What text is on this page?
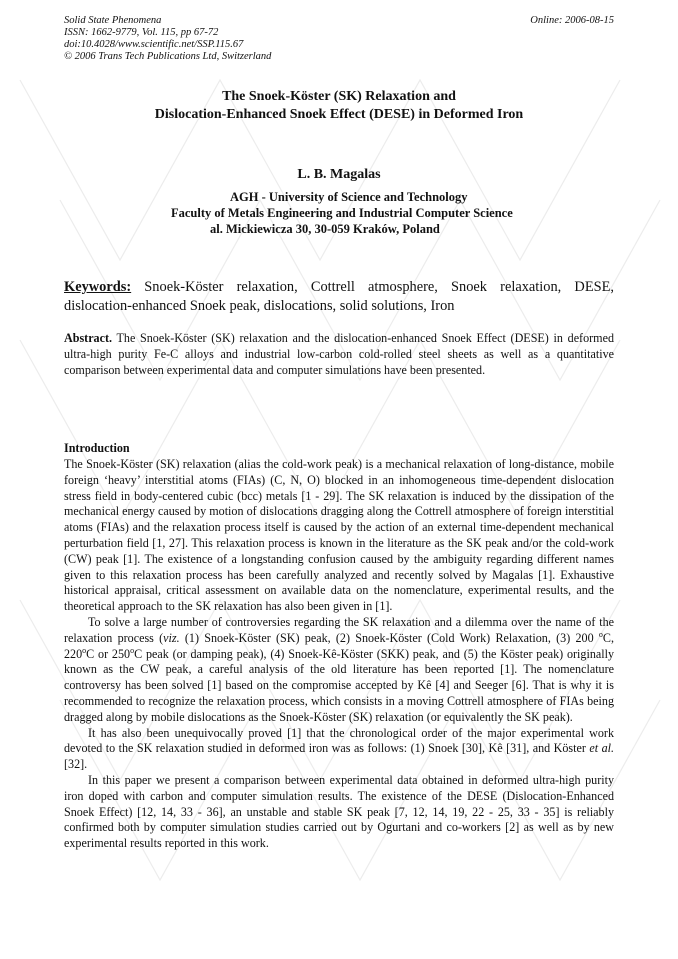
Solid State Phenomena
ISSN: 1662-9779, Vol. 115, pp 67-72
doi:10.4028/www.scientific.net/SSP.115.67
© 2006 Trans Tech Publications Ltd, Switzerland
Online: 2006-08-15
The Snoek-Köster (SK) Relaxation and
Dislocation-Enhanced Snoek Effect (DESE) in Deformed Iron
L. B. Magalas
AGH - University of Science and Technology
Faculty of Metals Engineering and Industrial Computer Science
al. Mickiewicza 30, 30-059 Kraków, Poland
Keywords: Snoek-Köster relaxation, Cottrell atmosphere, Snoek relaxation, DESE, dislocation-enhanced Snoek peak, dislocations, solid solutions, Iron
Abstract. The Snoek-Köster (SK) relaxation and the dislocation-enhanced Snoek Effect (DESE) in deformed ultra-high purity Fe-C alloys and industrial low-carbon cold-rolled steel sheets as well as a quantitative comparison between experimental data and computer simulations have been presented.
Introduction

The Snoek-Köster (SK) relaxation (alias the cold-work peak) is a mechanical relaxation of long-distance, mobile foreign ‘heavy’ interstitial atoms (FIAs) (C, N, O) blocked in an inhomogeneous time-dependent dislocation stress field in body-centered cubic (bcc) metals [1 - 29]. The SK relaxation is induced by the dissipation of the mechanical energy caused by motion of dislocations dragging along the Cottrell atmosphere of foreign interstitial atoms (FIAs) and the relaxation process itself is caused by the action of an external time-dependent mechanical perturbation field [1, 27]. This relaxation process is known in the literature as the SK peak and/or the cold-work (CW) peak [1]. The existence of a longstanding confusion caused by the ambiguity regarding different names given to this relaxation process has been carefully analyzed and recently solved by Magalas [1]. Exhaustive historical appraisal, critical assessment on available data on the nomenclature, experimental results, and the theoretical approach to the SK relaxation has also been given in [1].

To solve a large number of controversies regarding the SK relaxation and a dilemma over the name of the relaxation process (viz. (1) Snoek-Köster (SK) peak, (2) Snoek-Köster (Cold Work) Relaxation, (3) 200 $^o$C, 220$^o$C or 250$^o$C peak (or damping peak), (4) Snoek-Kê-Köster (SKK) peak, and (5) the Köster peak) originally known as the CW peak, a careful analysis of the old literature has been reported [1]. The nomenclature controversy has been solved [1] based on the compromise accepted by Kê [4] and Seeger [6]. That is why it is recommended to recognize the relaxation process, which consists in a moving Cottrell atmosphere of FIAs being dragged along by mobile dislocations as the Snoek-Köster (SK) relaxation (or equivalently the SK peak).

It has also been unequivocally proved [1] that the chronological order of the major experimental work devoted to the SK relaxation studied in deformed iron was as follows: (1) Snoek [30], Kê [31], and Köster et al. [32].

In this paper we present a comparison between experimental data obtained in deformed ultra-high purity iron doped with carbon and computer simulation results. The existence of the DESE (Dislocation-Enhanced Snoek Effect) [12, 14, 33 - 36], an unstable and stable SK peak [7, 12, 14, 19, 22 - 25, 33 - 35] is reliably confirmed both by computer simulation studies carried out by Ogurtani and co-workers [2] as well as by new experimental results reported in this work.
